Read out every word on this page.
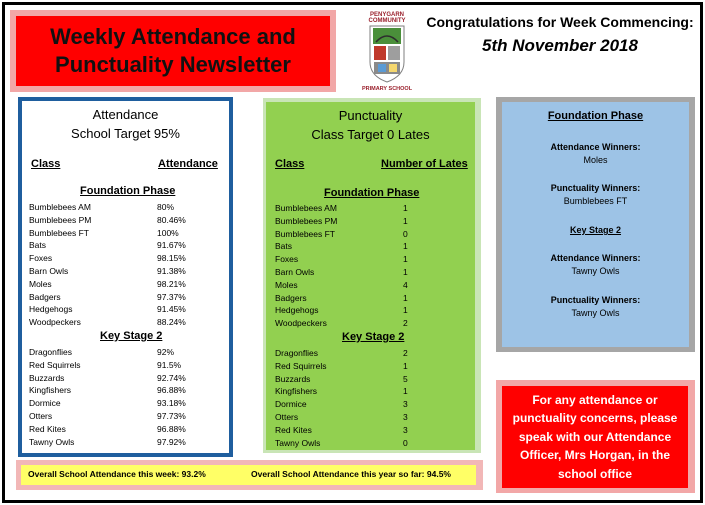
Weekly Attendance and
Punctuality Newsletter
PENYGARN COMMUNITY
PRIMARY SCHOOL
Congratulations for Week Commencing:
5th November 2018
Attendance
School Target 95%
Class	Attendance
Foundation Phase
Bumblebees AM	80%
Bumblebees PM	80.46%
Bumblebees FT	100%
Bats	91.67%
Foxes	98.15%
Barn Owls	91.38%
Moles	98.21%
Badgers	97.37%
Hedgehogs	91.45%
Woodpeckers	88.24%
Key Stage 2
Dragonflies	92%
Red Squirrels	91.5%
Buzzards	92.74%
Kingfishers	96.88%
Dormice	93.18%
Otters	97.73%
Red Kites	96.88%
Tawny Owls	97.92%
Punctuality
Class Target 0 Lates
Class	Number of Lates
Foundation Phase
Bumblebees AM	1
Bumblebees PM	1
Bumblebees FT	0
Bats	1
Foxes	1
Barn Owls	1
Moles	4
Badgers	1
Hedgehogs	1
Woodpeckers	2
Key Stage 2
Dragonflies	2
Red Squirrels	1
Buzzards	5
Kingfishers	1
Dormice	3
Otters	3
Red Kites	3
Tawny Owls	0
Foundation Phase
Attendance Winners:
Moles
Punctuality Winners:
Bumblebees FT
Key Stage 2
Attendance Winners:
Tawny Owls
Punctuality Winners:
Tawny Owls
For any attendance or
punctuality concerns, please
speak with our Attendance
Officer, Mrs Horgan, in the
school office
Overall School Attendance this week: 93.2%	Overall School Attendance this year so far: 94.5%
